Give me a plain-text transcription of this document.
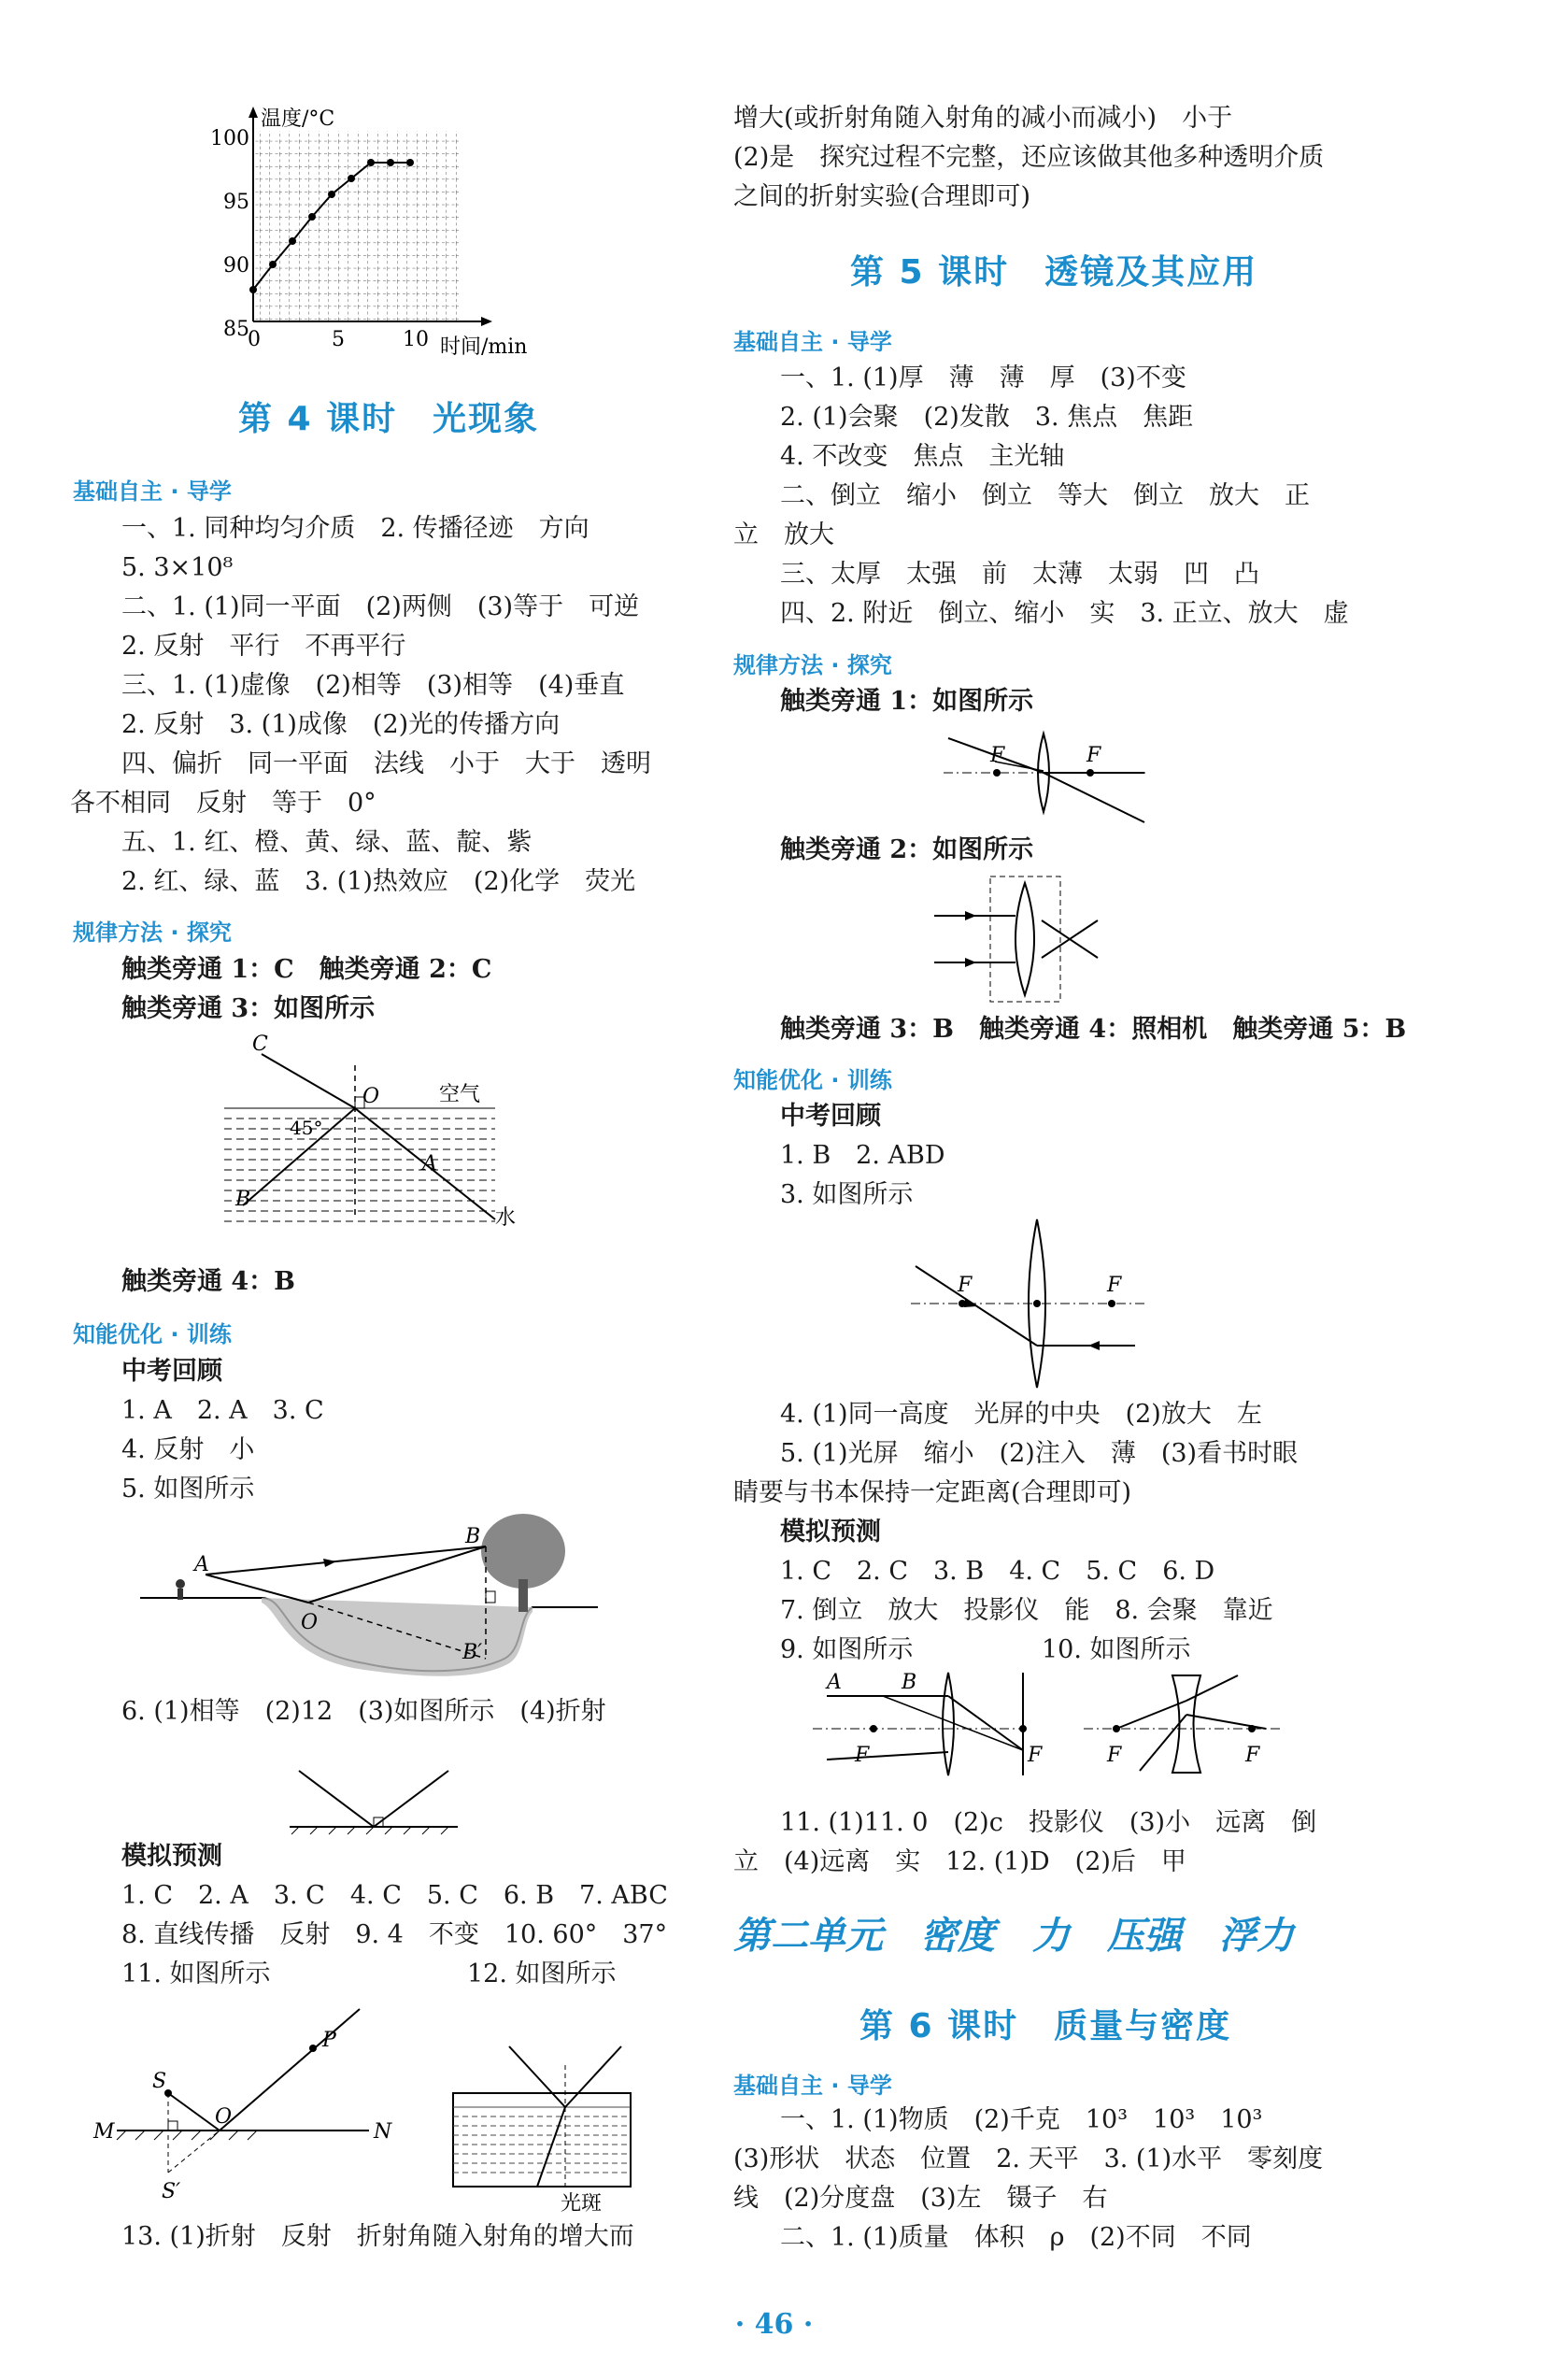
温度/°C
100
95
90
85
0	5	10 时间/min
第 4 课时　光现象
基础自主 · 导学
一、1. 同种均匀介质　2. 传播径迹　方向
5. 3×10⁸
二、1. (1)同一平面　(2)两侧　(3)等于　可逆
2. 反射　平行　不再平行
三、1. (1)虚像　(2)相等　(3)相等　(4)垂直
2. 反射　3. (1)成像　(2)光的传播方向
四、偏折　同一平面　法线　小于　大于　透明
各不相同　反射　等于　0°
五、1. 红、橙、黄、绿、蓝、靛、紫
2. 红、绿、蓝　3. (1)热效应　(2)化学　荧光
规律方法 · 探究
触类旁通 1：C　触类旁通 2：C
触类旁通 3：如图所示
C
O	空气
45°
A
B
水
触类旁通 4：B
知能优化 · 训练
中考回顾
1. A　2. A　3. C
4. 反射　小
5. 如图所示
A
B
O
B′
6. (1)相等　(2)12　(3)如图所示　(4)折射
模拟预测
1. C　2. A　3. C　4. C　5. C　6. B　7. ABC
8. 直线传播　反射　9. 4　不变　10. 60°　37°
11. 如图所示	12. 如图所示
S
P
O
M	N
S′
光斑
13. (1)折射　反射　折射角随入射角的增大而
增大(或折射角随入射角的减小而减小)　小于
(2)是　探究过程不完整，还应该做其他多种透明介质
之间的折射实验(合理即可)
第 5 课时　透镜及其应用
基础自主 · 导学
一、1. (1)厚　薄　薄　厚　(3)不变
2. (1)会聚　(2)发散　3. 焦点　焦距
4. 不改变　焦点　主光轴
二、倒立　缩小　倒立　等大　倒立　放大　正
立　放大
三、太厚　太强　前　太薄　太弱　凹　凸
四、2. 附近　倒立、缩小　实　3. 正立、放大　虚
规律方法 · 探究
触类旁通 1：如图所示
F	F
触类旁通 2：如图所示
触类旁通 3：B　触类旁通 4：照相机　触类旁通 5：B
知能优化 · 训练
中考回顾
1. B　2. ABD
3. 如图所示
F	F
4. (1)同一高度　光屏的中央　(2)放大　左
5. (1)光屏　缩小　(2)注入　薄　(3)看书时眼
睛要与书本保持一定距离(合理即可)
模拟预测
1. C　2. C　3. B　4. C　5. C　6. D
7. 倒立　放大　投影仪　能　8. 会聚　靠近
9. 如图所示	10. 如图所示
A	B
F	F	F	F
11. (1)11. 0　(2)c　投影仪　(3)小　远离　倒
立　(4)远离　实　12. (1)D　(2)后　甲
第二单元　密度　力　压强　浮力
第 6 课时　质量与密度
基础自主 · 导学
一、1. (1)物质　(2)千克　10³　10³　10³
(3)形状　状态　位置　2. 天平　3. (1)水平　零刻度
线　(2)分度盘　(3)左　镊子　右
二、1. (1)质量　体积　ρ　(2)不同　不同
· 46 ·
